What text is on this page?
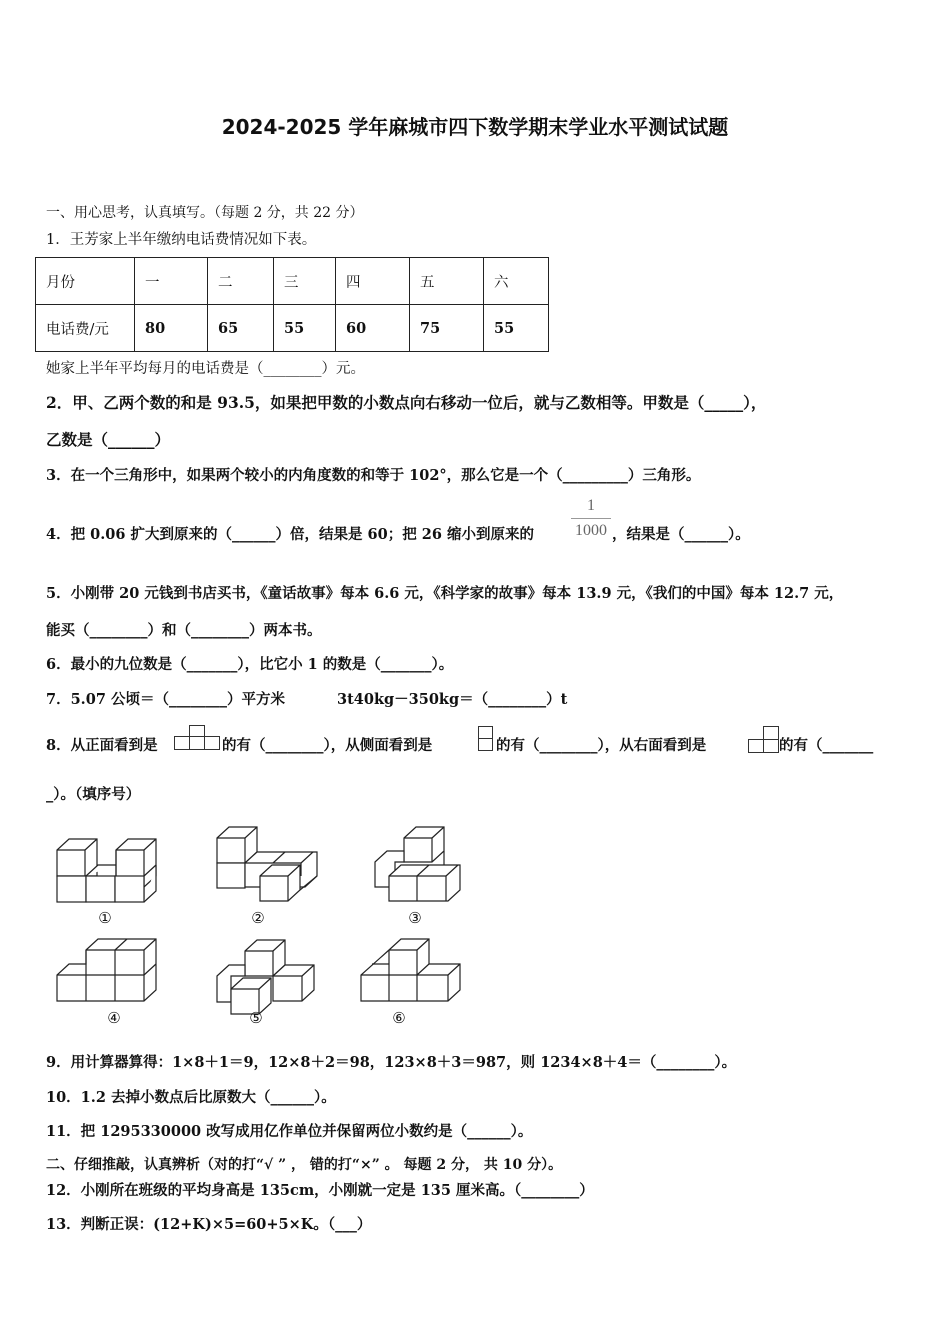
2024-2025 学年麻城市四下数学期末学业水平测试试题
一、用心思考，认真填写。（每题 2 分，共 22 分）
1．王芳家上半年缴纳电话费情况如下表。
月份	一	二	三	四	五	六
电话费/元	80	65	55	60	75	55
她家上半年平均每月的电话费是（________）元。
2．甲、乙两个数的和是 93.5，如果把甲数的小数点向右移动一位后，就与乙数相等。甲数是（_____），
乙数是（______）
3．在一个三角形中，如果两个较小的内角度数的和等于 102°，那么它是一个（_________）三角形。
4．把 0.06 扩大到原来的（______）倍，结果是 60；把 26 缩小到原来的
1
1000 ，结果是（______）。
5．小刚带 20 元钱到书店买书，《童话故事》每本 6.6 元，《科学家的故事》每本 13.9 元，《我们的中国》每本 12.7 元，
能买（________）和（________）两本书。
6．最小的九位数是（_______），比它小 1 的数是（_______）。
7．5.07 公顷＝（________）平方米	3t40kg－350kg＝（________）t
8．从正面看到是	的有（________），从侧面看到是	的有（________），从右面看到是	的有（_______
_）。（填序号）
①	②	③
④	⑤	⑥
9．用计算器算得：1×8＋1＝9，12×8＋2＝98，123×8＋3＝987，则 1234×8＋4＝（________）。
10．1.2 去掉小数点后比原数大（______）。
11．把 1295330000 改写成用亿作单位并保留两位小数约是（______）。
二、仔细推敲，认真辨析（对的打“√ ” ， 错的打“×” 。 每题 2 分， 共 10 分）。
12．小刚所在班级的平均身高是 135cm，小刚就一定是 135 厘米高。（________）
13．判断正误：(12+K)×5=60+5×K。（___）
